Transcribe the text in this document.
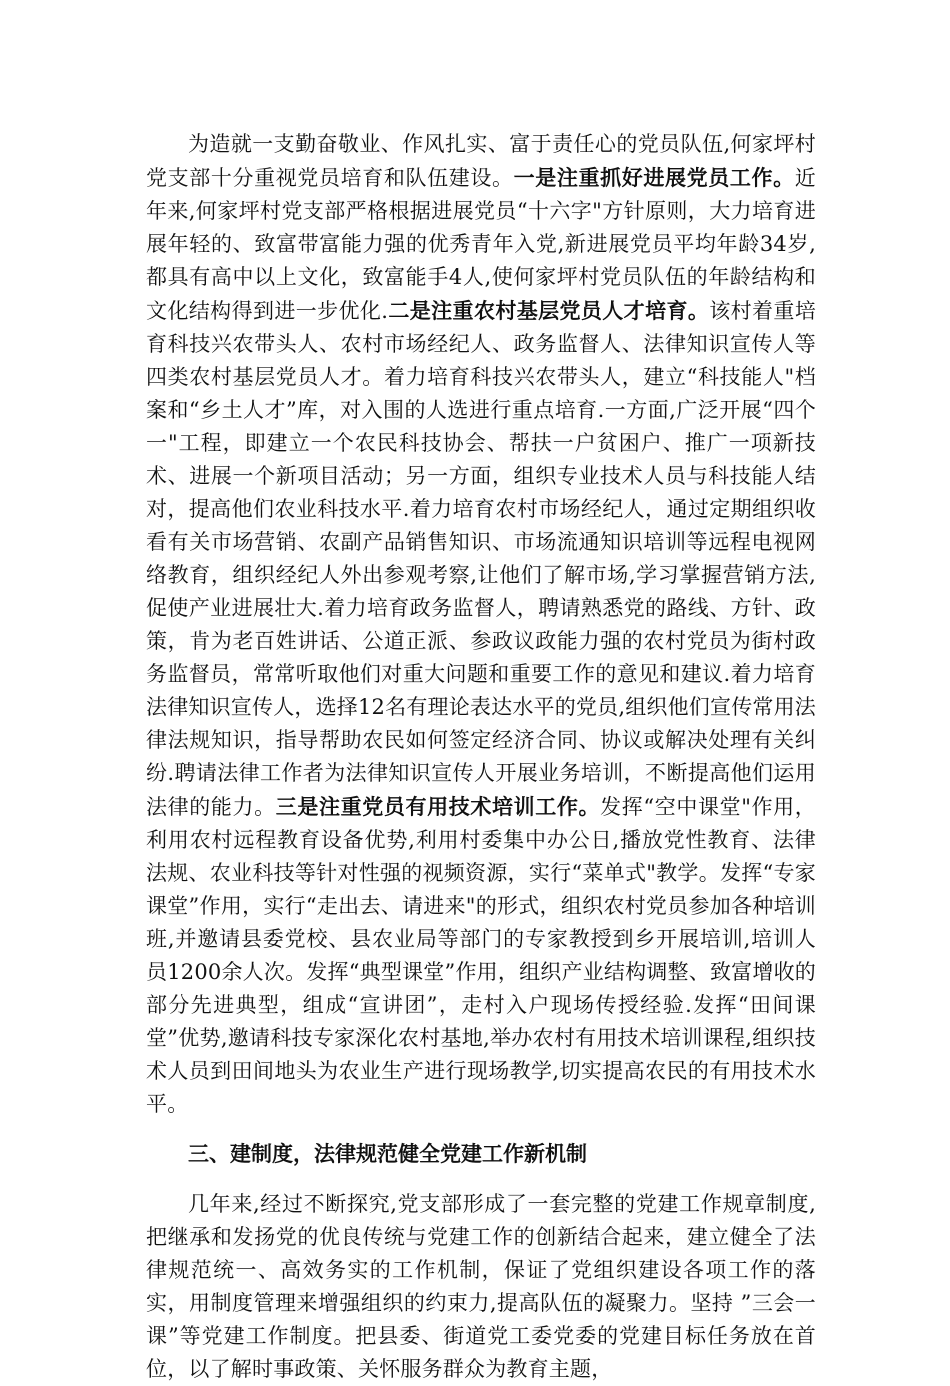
为造就一支勤奋敬业、作风扎实、富于责任心的党员队伍,何家坪村党支部十分重视党员培育和队伍建设。一是注重抓好进展党员工作。近年来,何家坪村党支部严格根据进展党员“十六字"方针原则，大力培育进展年轻的、致富带富能力强的优秀青年入党,新进展党员平均年龄34岁,都具有高中以上文化，致富能手4人,使何家坪村党员队伍的年龄结构和文化结构得到进一步优化.二是注重农村基层党员人才培育。该村着重培育科技兴农带头人、农村市场经纪人、政务监督人、法律知识宣传人等四类农村基层党员人才。着力培育科技兴农带头人，建立“科技能人"档案和“乡土人才”库，对入围的人选进行重点培育.一方面,广泛开展“四个一"工程，即建立一个农民科技协会、帮扶一户贫困户、推广一项新技术、进展一个新项目活动；另一方面，组织专业技术人员与科技能人结对，提高他们农业科技水平.着力培育农村市场经纪人，通过定期组织收看有关市场营销、农副产品销售知识、市场流通知识培训等远程电视网络教育，组织经纪人外出参观考察,让他们了解市场,学习掌握营销方法,促使产业进展壮大.着力培育政务监督人，聘请熟悉党的路线、方针、政策，肯为老百姓讲话、公道正派、参政议政能力强的农村党员为街村政务监督员，常常听取他们对重大问题和重要工作的意见和建议.着力培育法律知识宣传人，选择12名有理论表达水平的党员,组织他们宣传常用法律法规知识，指导帮助农民如何签定经济合同、协议或解决处理有关纠纷.聘请法律工作者为法律知识宣传人开展业务培训，不断提高他们运用法律的能力。三是注重党员有用技术培训工作。发挥“空中课堂"作用，利用农村远程教育设备优势,利用村委集中办公日,播放党性教育、法律法规、农业科技等针对性强的视频资源，实行“菜单式"教学。发挥“专家课堂”作用，实行“走出去、请进来"的形式，组织农村党员参加各种培训班,并邀请县委党校、县农业局等部门的专家教授到乡开展培训,培训人员1200余人次。发挥“典型课堂”作用，组织产业结构调整、致富增收的部分先进典型，组成“宣讲团”，走村入户现场传授经验.发挥“田间课堂”优势,邀请科技专家深化农村基地,举办农村有用技术培训课程,组织技术人员到田间地头为农业生产进行现场教学,切实提高农民的有用技术水平。

三、建制度，法律规范健全党建工作新机制

几年来,经过不断探究,党支部形成了一套完整的党建工作规章制度,把继承和发扬党的优良传统与党建工作的创新结合起来，建立健全了法律规范统一、高效务实的工作机制，保证了党组织建设各项工作的落实，用制度管理来增强组织的约束力,提高队伍的凝聚力。坚持 ”三会一课”等党建工作制度。把县委、街道党工委党委的党建目标任务放在首位，以了解时事政策、关怀服务群众为教育主题，
